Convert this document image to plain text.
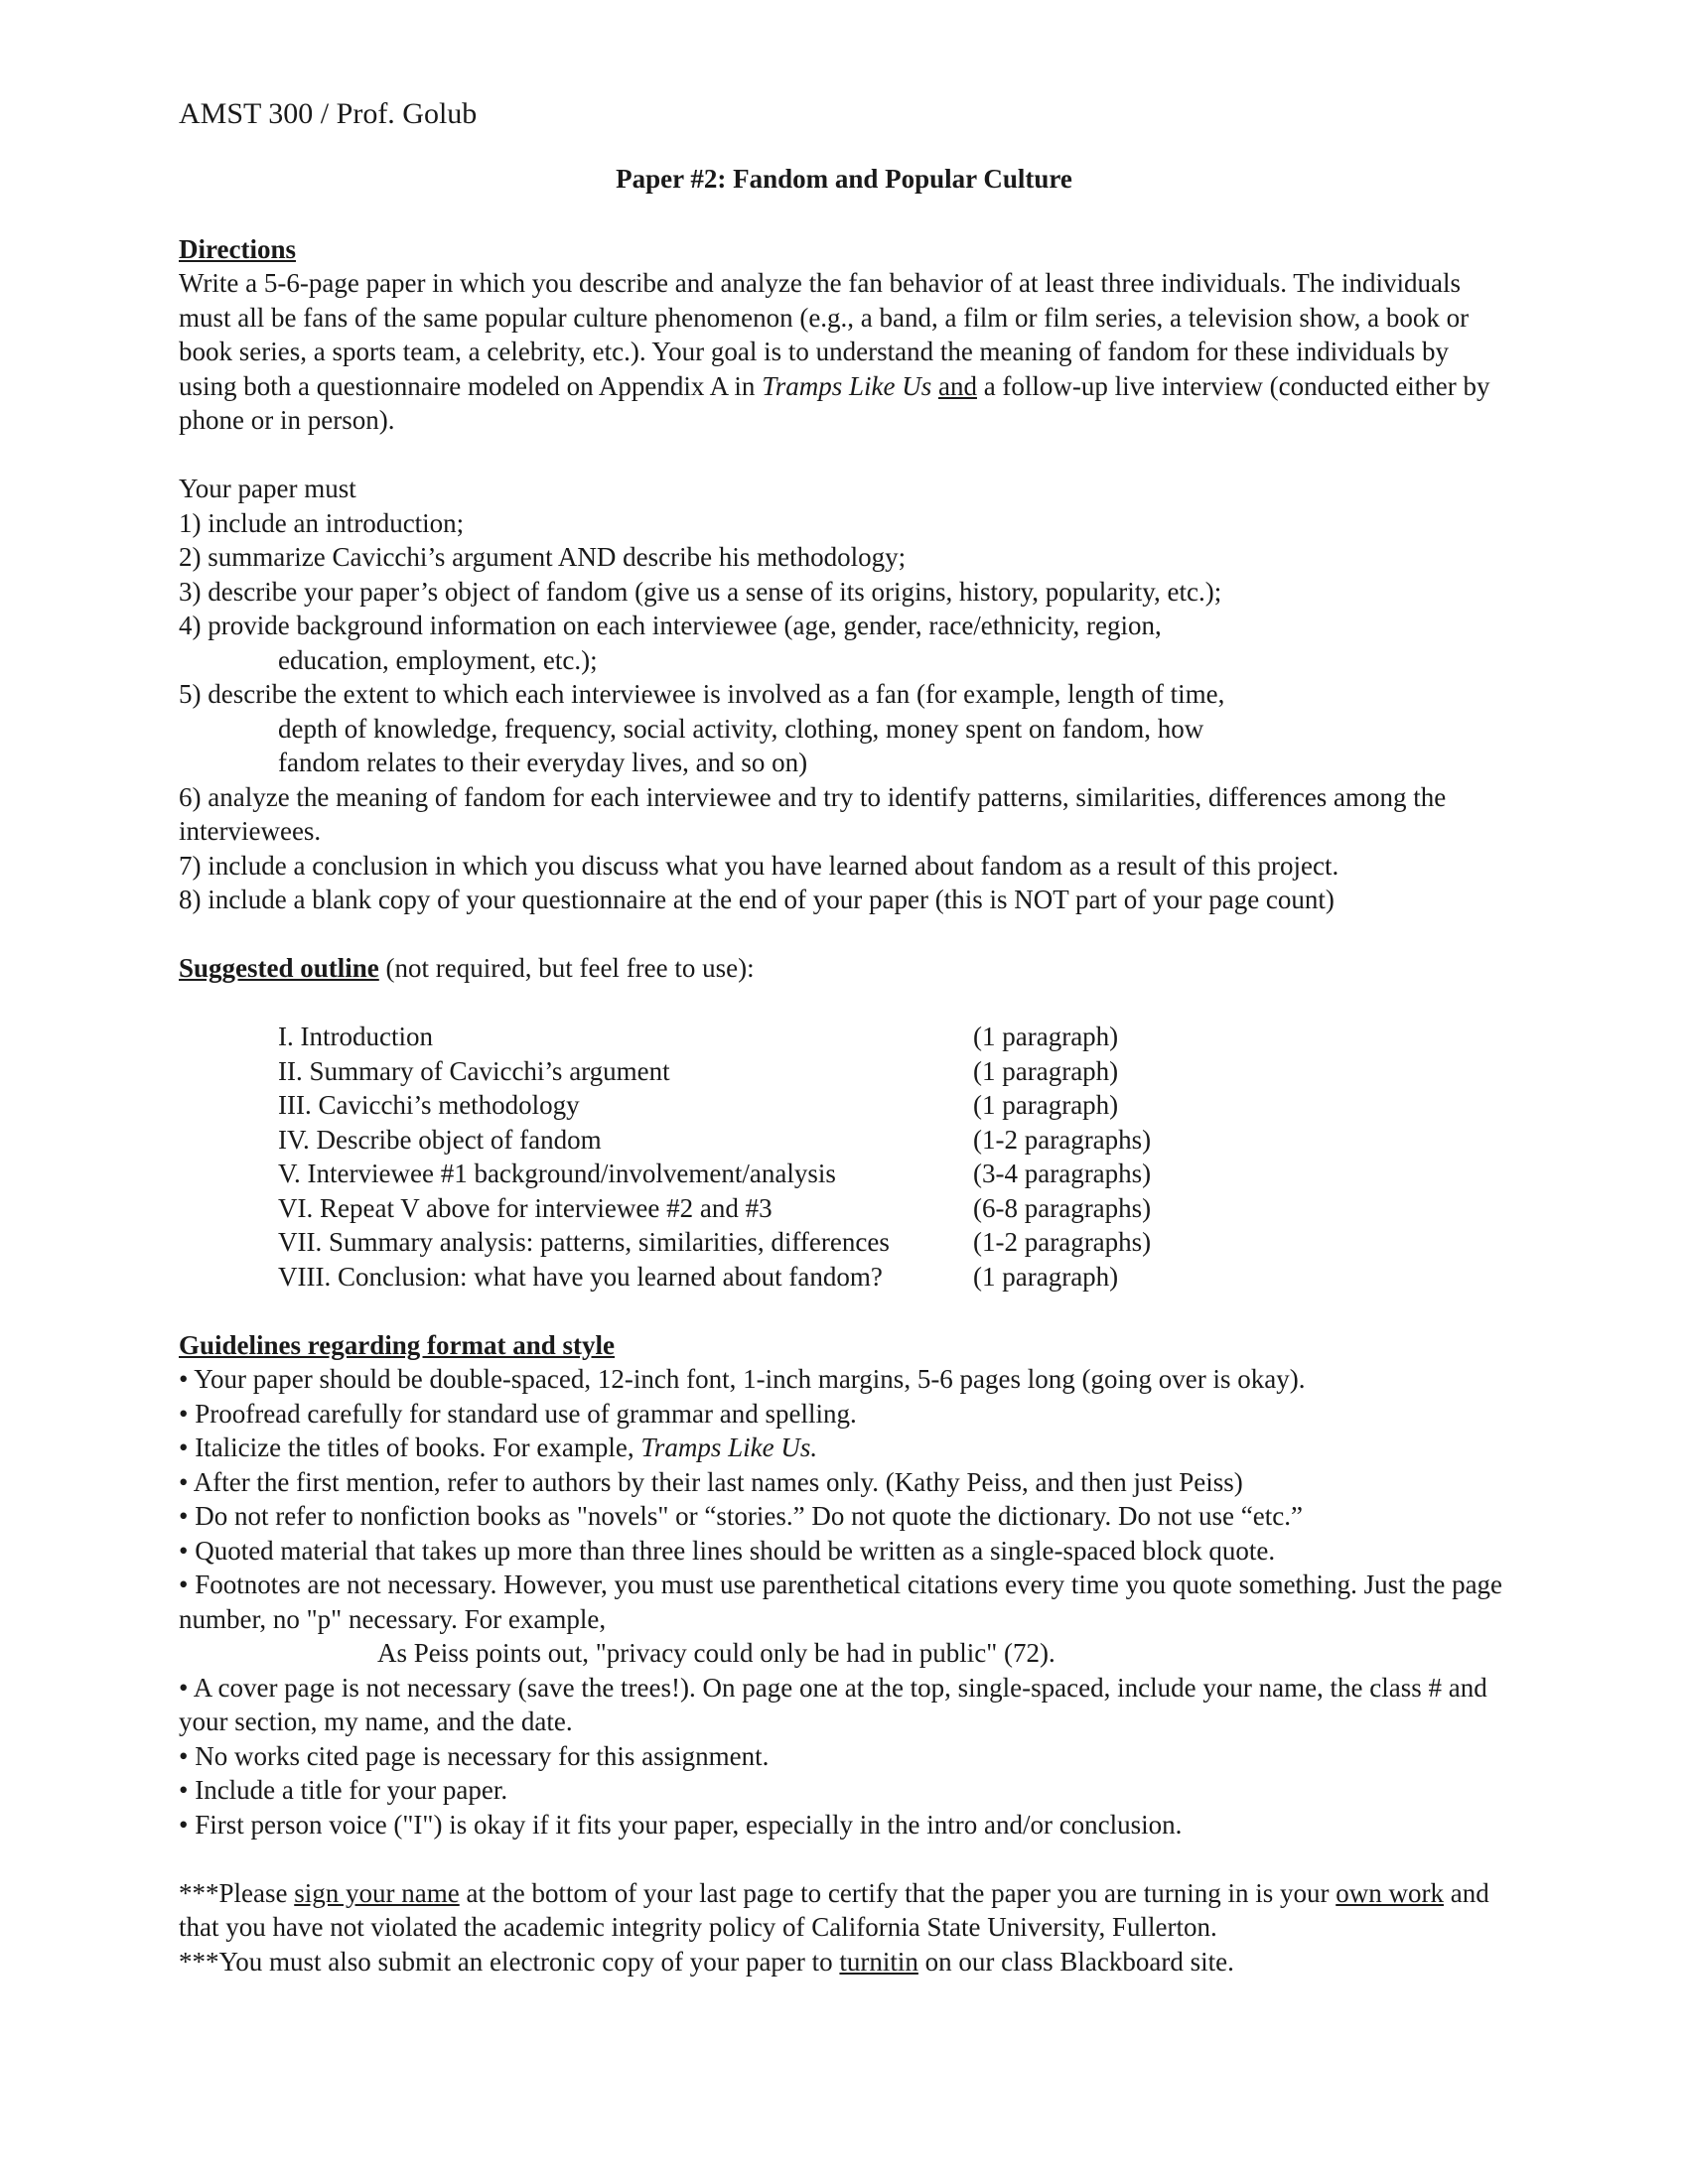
AMST 300 / Prof. Golub
Paper #2: Fandom and Popular Culture
Directions

Write a 5-6-page paper in which you describe and analyze the fan behavior of at least three individuals. The individuals must all be fans of the same popular culture phenomenon (e.g., a band, a film or film series, a television show, a book or book series, a sports team, a celebrity, etc.). Your goal is to understand the meaning of fandom for these individuals by using both a questionnaire modeled on Appendix A in Tramps Like Us and a follow-up live interview (conducted either by phone or in person).

Your paper must
1) include an introduction;
2) summarize Cavicchi’s argument AND describe his methodology;
3) describe your paper’s object of fandom (give us a sense of its origins, history, popularity, etc.);
4) provide background information on each interviewee (age, gender, race/ethnicity, region,
education, employment, etc.);
5) describe the extent to which each interviewee is involved as a fan (for example, length of time,
depth of knowledge, frequency, social activity, clothing, money spent on fandom, how
fandom relates to their everyday lives, and so on)
6) analyze the meaning of fandom for each interviewee and try to identify patterns, similarities, differences among the interviewees.
7) include a conclusion in which you discuss what you have learned about fandom as a result of this project.
8) include a blank copy of your questionnaire at the end of your paper (this is NOT part of your page count)
Suggested outline (not required, but feel free to use):
I. Introduction	(1 paragraph)
II. Summary of Cavicchi’s argument	(1 paragraph)
III. Cavicchi’s methodology	(1 paragraph)
IV. Describe object of fandom	(1-2 paragraphs)
V. Interviewee #1 background/involvement/analysis	(3-4 paragraphs)
VI. Repeat V above for interviewee #2 and #3	(6-8 paragraphs)
VII. Summary analysis: patterns, similarities, differences	(1-2 paragraphs)
VIII. Conclusion: what have you learned about fandom?	(1 paragraph)
Guidelines regarding format and style
• Your paper should be double-spaced, 12-inch font, 1-inch margins, 5-6 pages long (going over is okay).
• Proofread carefully for standard use of grammar and spelling.
• Italicize the titles of books. For example, Tramps Like Us.
• After the first mention, refer to authors by their last names only. (Kathy Peiss, and then just Peiss)
• Do not refer to nonfiction books as "novels" or “stories.” Do not quote the dictionary. Do not use “etc.”
• Quoted material that takes up more than three lines should be written as a single-spaced block quote.
• Footnotes are not necessary. However, you must use parenthetical citations every time you quote something. Just the page number, no "p" necessary. For example,
As Peiss points out, "privacy could only be had in public" (72).
• A cover page is not necessary (save the trees!). On page one at the top, single-spaced, include your name, the class # and your section, my name, and the date.
• No works cited page is necessary for this assignment.
• Include a title for your paper.
• First person voice ("I") is okay if it fits your paper, especially in the intro and/or conclusion.

***Please sign your name at the bottom of your last page to certify that the paper you are turning in is your own work and that you have not violated the academic integrity policy of California State University, Fullerton.

***You must also submit an electronic copy of your paper to turnitin on our class Blackboard site.
